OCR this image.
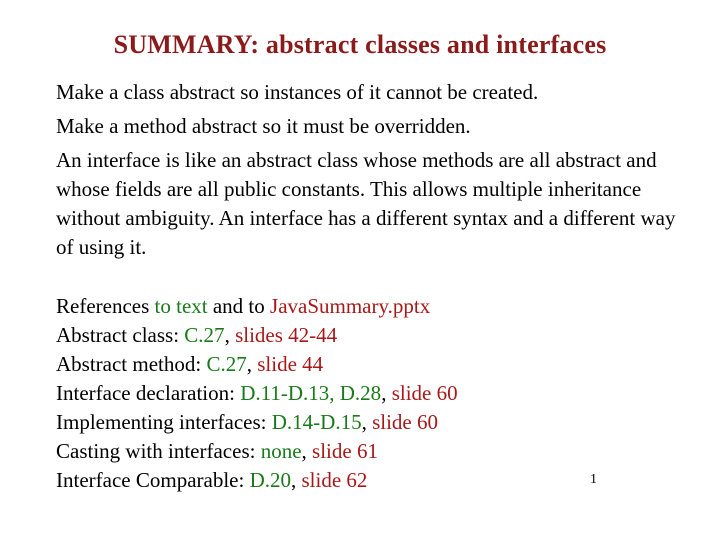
SUMMARY: abstract classes and interfaces

Make a class abstract so instances of it cannot be created.

Make a method abstract so it must be overridden.

An interface is like an abstract class whose methods are all abstract and whose fields are all public constants. This allows multiple inheritance without ambiguity. An interface has a different syntax and a different way of using it.

References to text and to JavaSummary.pptx

Abstract class: C.27, slides 42-44

Abstract method: C.27, slide 44

Interface declaration: D.11-D.13, D.28, slide 60

Implementing interfaces: D.14-D.15, slide 60

Casting with interfaces: none, slide 61

Interface Comparable: D.20, slide 62	1
